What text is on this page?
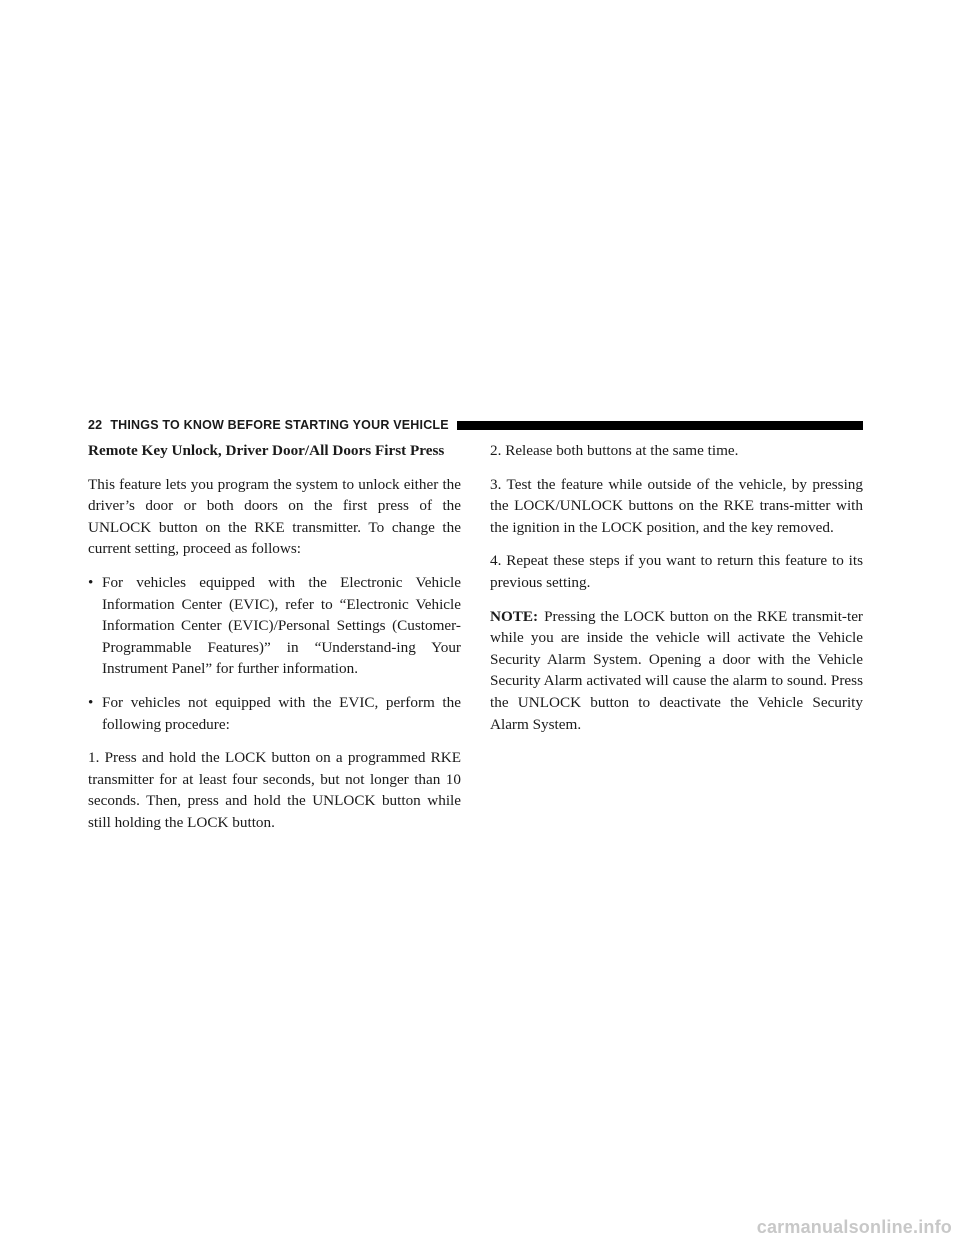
22 THINGS TO KNOW BEFORE STARTING YOUR VEHICLE

Remote Key Unlock, Driver Door/All Doors First Press

This feature lets you program the system to unlock either the driver’s door or both doors on the first press of the UNLOCK button on the RKE transmitter. To change the current setting, proceed as follows:

• For vehicles equipped with the Electronic Vehicle Information Center (EVIC), refer to “Electronic Vehicle Information Center (EVIC)/Personal Settings (Customer-Programmable Features)” in “Understand-ing Your Instrument Panel” for further information.
• For vehicles not equipped with the EVIC, perform the following procedure:

1. Press and hold the LOCK button on a programmed RKE transmitter for at least four seconds, but not longer than 10 seconds. Then, press and hold the UNLOCK button while still holding the LOCK button.

2. Release both buttons at the same time.

3. Test the feature while outside of the vehicle, by pressing the LOCK/UNLOCK buttons on the RKE trans-mitter with the ignition in the LOCK position, and the key removed.

4. Repeat these steps if you want to return this feature to its previous setting.

NOTE: Pressing the LOCK button on the RKE transmit-ter while you are inside the vehicle will activate the Vehicle Security Alarm System. Opening a door with the Vehicle Security Alarm activated will cause the alarm to sound. Press the UNLOCK button to deactivate the Vehicle Security Alarm System.

carmanualsonline.info
